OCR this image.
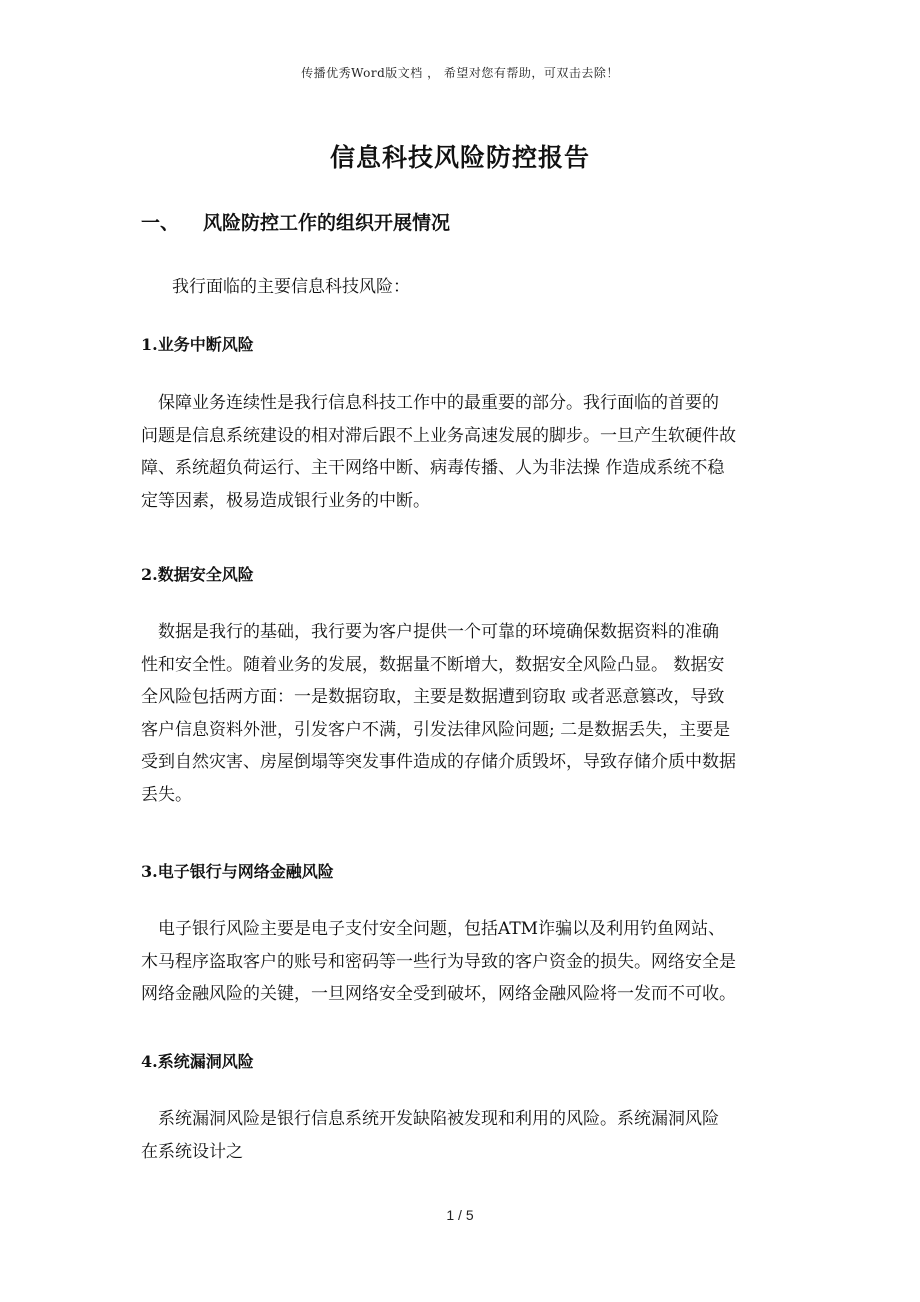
传播优秀Word版文档 ， 希望对您有帮助，可双击去除！
信息科技风险防控报告
一、 风险防控工作的组织开展情况
我行面临的主要信息科技风险：
1.业务中断风险
　保障业务连续性是我行信息科技工作中的最重要的部分。我行面临的首要的
问题是信息系统建设的相对滞后跟不上业务高速发展的脚步。一旦产生软硬件故
障、系统超负荷运行、主干网络中断、病毒传播、人为非法操 作造成系统不稳
定等因素，极易造成银行业务的中断。
2.数据安全风险
　数据是我行的基础，我行要为客户提供一个可靠的环境确保数据资料的准确
性和安全性。随着业务的发展，数据量不断增大，数据安全风险凸显。 数据安
全风险包括两方面：一是数据窃取，主要是数据遭到窃取 或者恶意篡改，导致
客户信息资料外泄，引发客户不满，引发法律风险问题; 二是数据丢失，主要是
受到自然灾害、房屋倒塌等突发事件造成的存储介质毁坏，导致存储介质中数据
丢失。
3.电子银行与网络金融风险
　电子银行风险主要是电子支付安全问题，包括ATM诈骗以及利用钓鱼网站、
木马程序盗取客户的账号和密码等一些行为导致的客户资金的损失。网络安全是
网络金融风险的关键，一旦网络安全受到破坏，网络金融风险将一发而不可收。
4.系统漏洞风险
　系统漏洞风险是银行信息系统开发缺陷被发现和利用的风险。系统漏洞风险
在系统设计之
1 / 5
